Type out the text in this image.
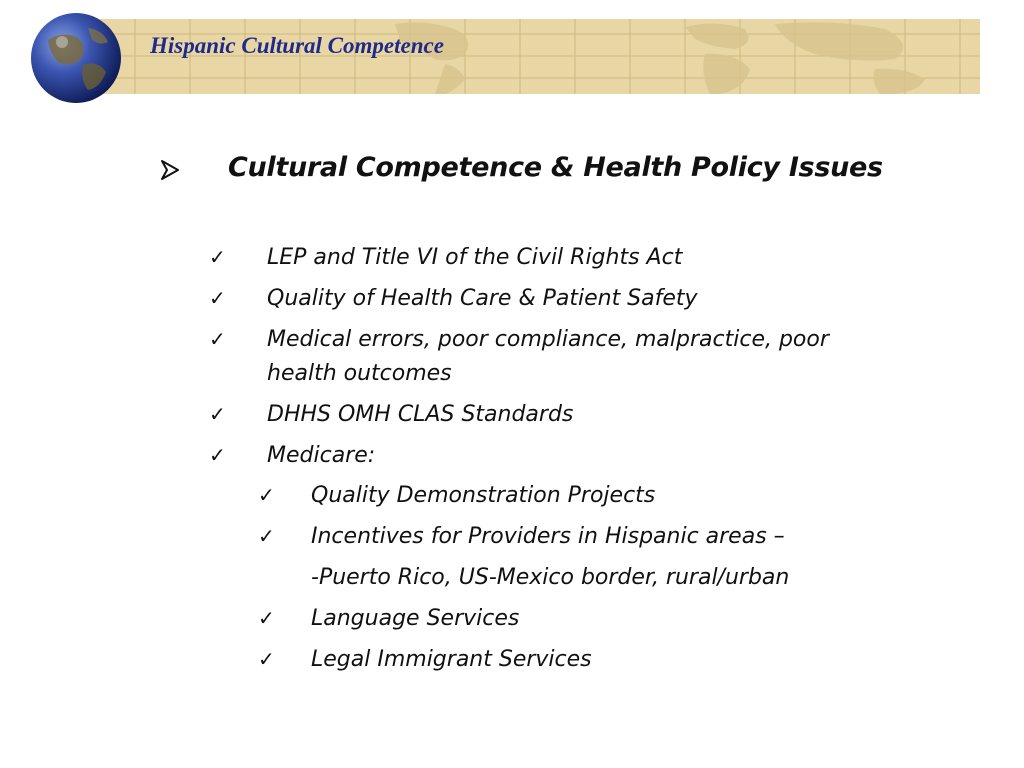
Hispanic Cultural Competence
Cultural Competence & Health Policy Issues
✓ LEP and Title VI of the Civil Rights Act
✓ Quality of Health Care & Patient Safety
✓ Medical errors, poor compliance, malpractice, poor
health outcomes
✓ DHHS OMH CLAS Standards
✓ Medicare:
✓ Quality Demonstration Projects
✓ Incentives for Providers in Hispanic areas –
-Puerto Rico, US-Mexico border, rural/urban
✓ Language Services
✓ Legal Immigrant Services
